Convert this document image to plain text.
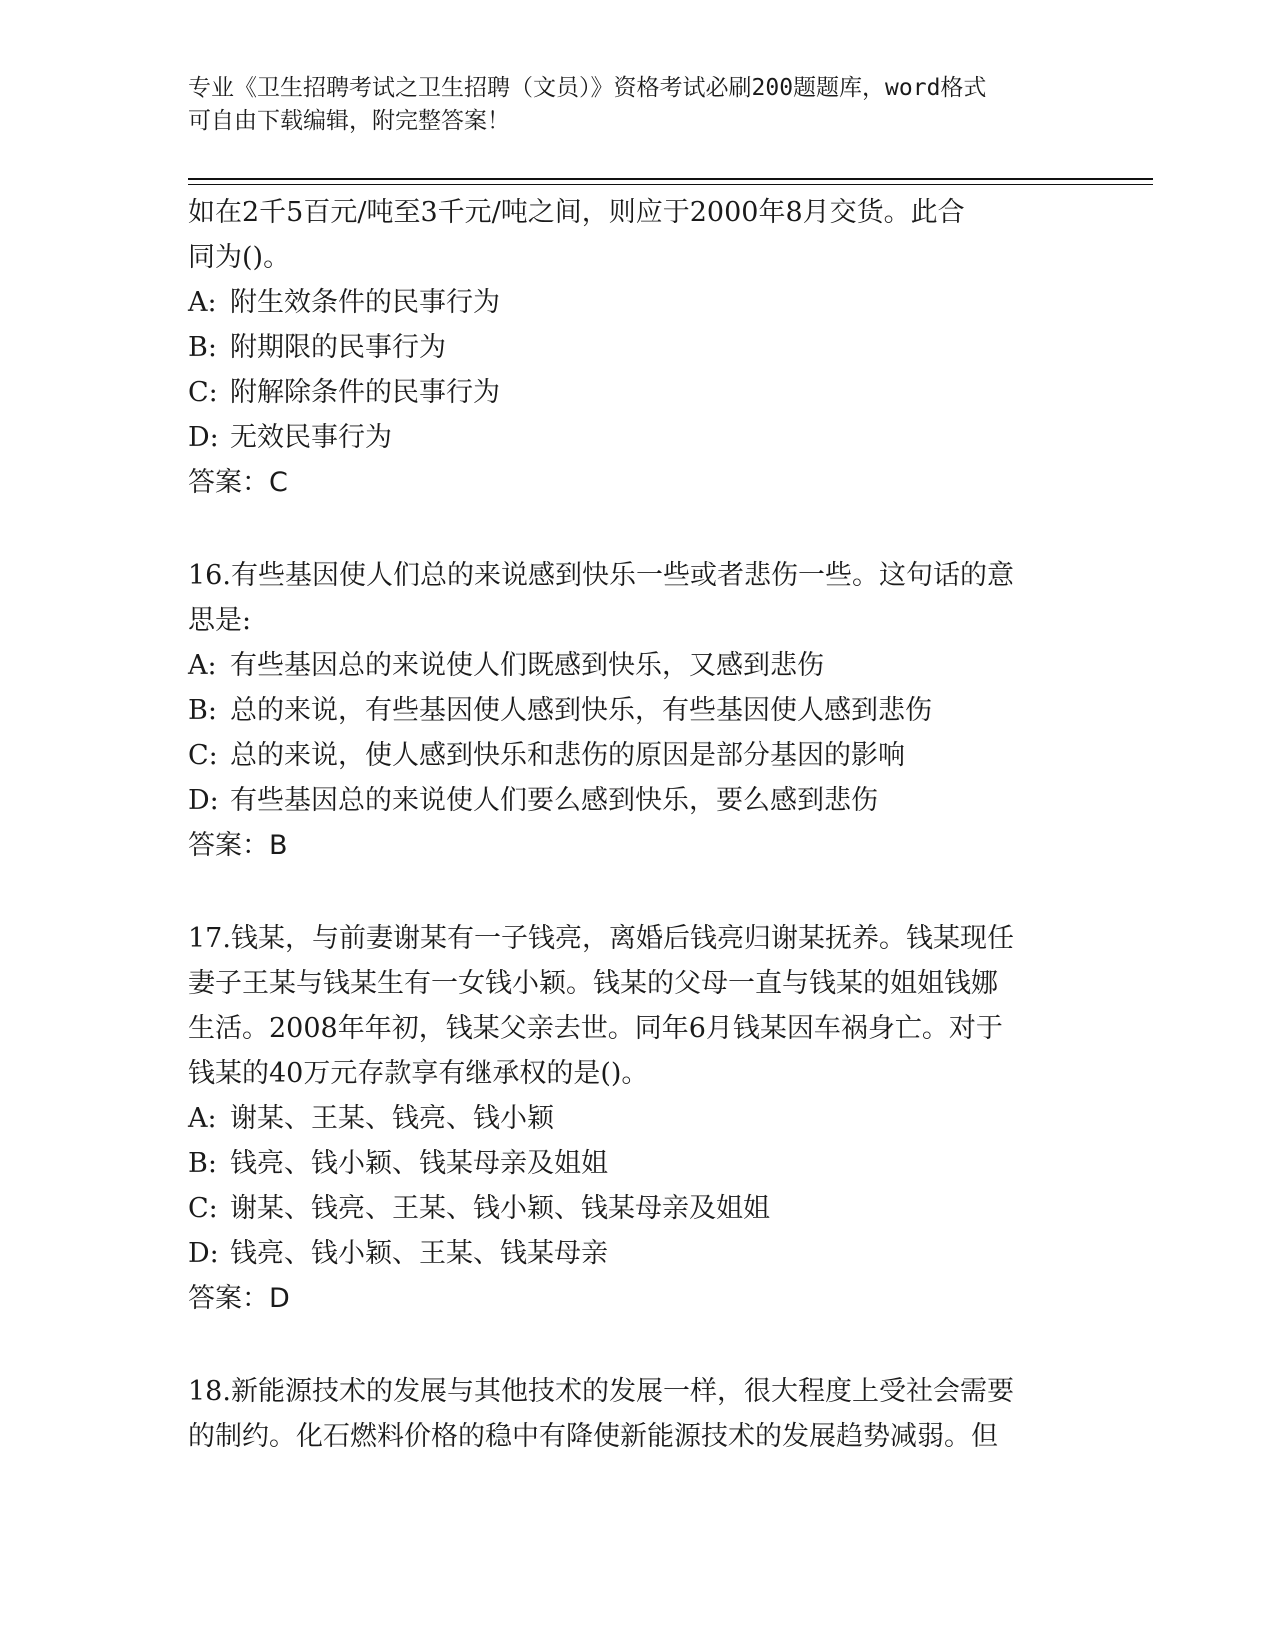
专业《卫生招聘考试之卫生招聘（文员）》资格考试必刷200题题库，word格式
可自由下载编辑，附完整答案！
如在2千5百元/吨至3千元/吨之间，则应于2000年8月交货。此合
同为()。
A: 附生效条件的民事行为
B: 附期限的民事行为
C: 附解除条件的民事行为
D: 无效民事行为
答案：C
16.有些基因使人们总的来说感到快乐一些或者悲伤一些。这句话的意
思是:
A: 有些基因总的来说使人们既感到快乐，又感到悲伤
B: 总的来说，有些基因使人感到快乐，有些基因使人感到悲伤
C: 总的来说，使人感到快乐和悲伤的原因是部分基因的影响
D: 有些基因总的来说使人们要么感到快乐，要么感到悲伤
答案：B
17.钱某，与前妻谢某有一子钱亮，离婚后钱亮归谢某抚养。钱某现任
妻子王某与钱某生有一女钱小颖。钱某的父母一直与钱某的姐姐钱娜
生活。2008年年初，钱某父亲去世。同年6月钱某因车祸身亡。对于
钱某的40万元存款享有继承权的是()。
A: 谢某、王某、钱亮、钱小颖
B: 钱亮、钱小颖、钱某母亲及姐姐
C: 谢某、钱亮、王某、钱小颖、钱某母亲及姐姐
D: 钱亮、钱小颖、王某、钱某母亲
答案：D
18.新能源技术的发展与其他技术的发展一样，很大程度上受社会需要
的制约。化石燃料价格的稳中有降使新能源技术的发展趋势减弱。但
